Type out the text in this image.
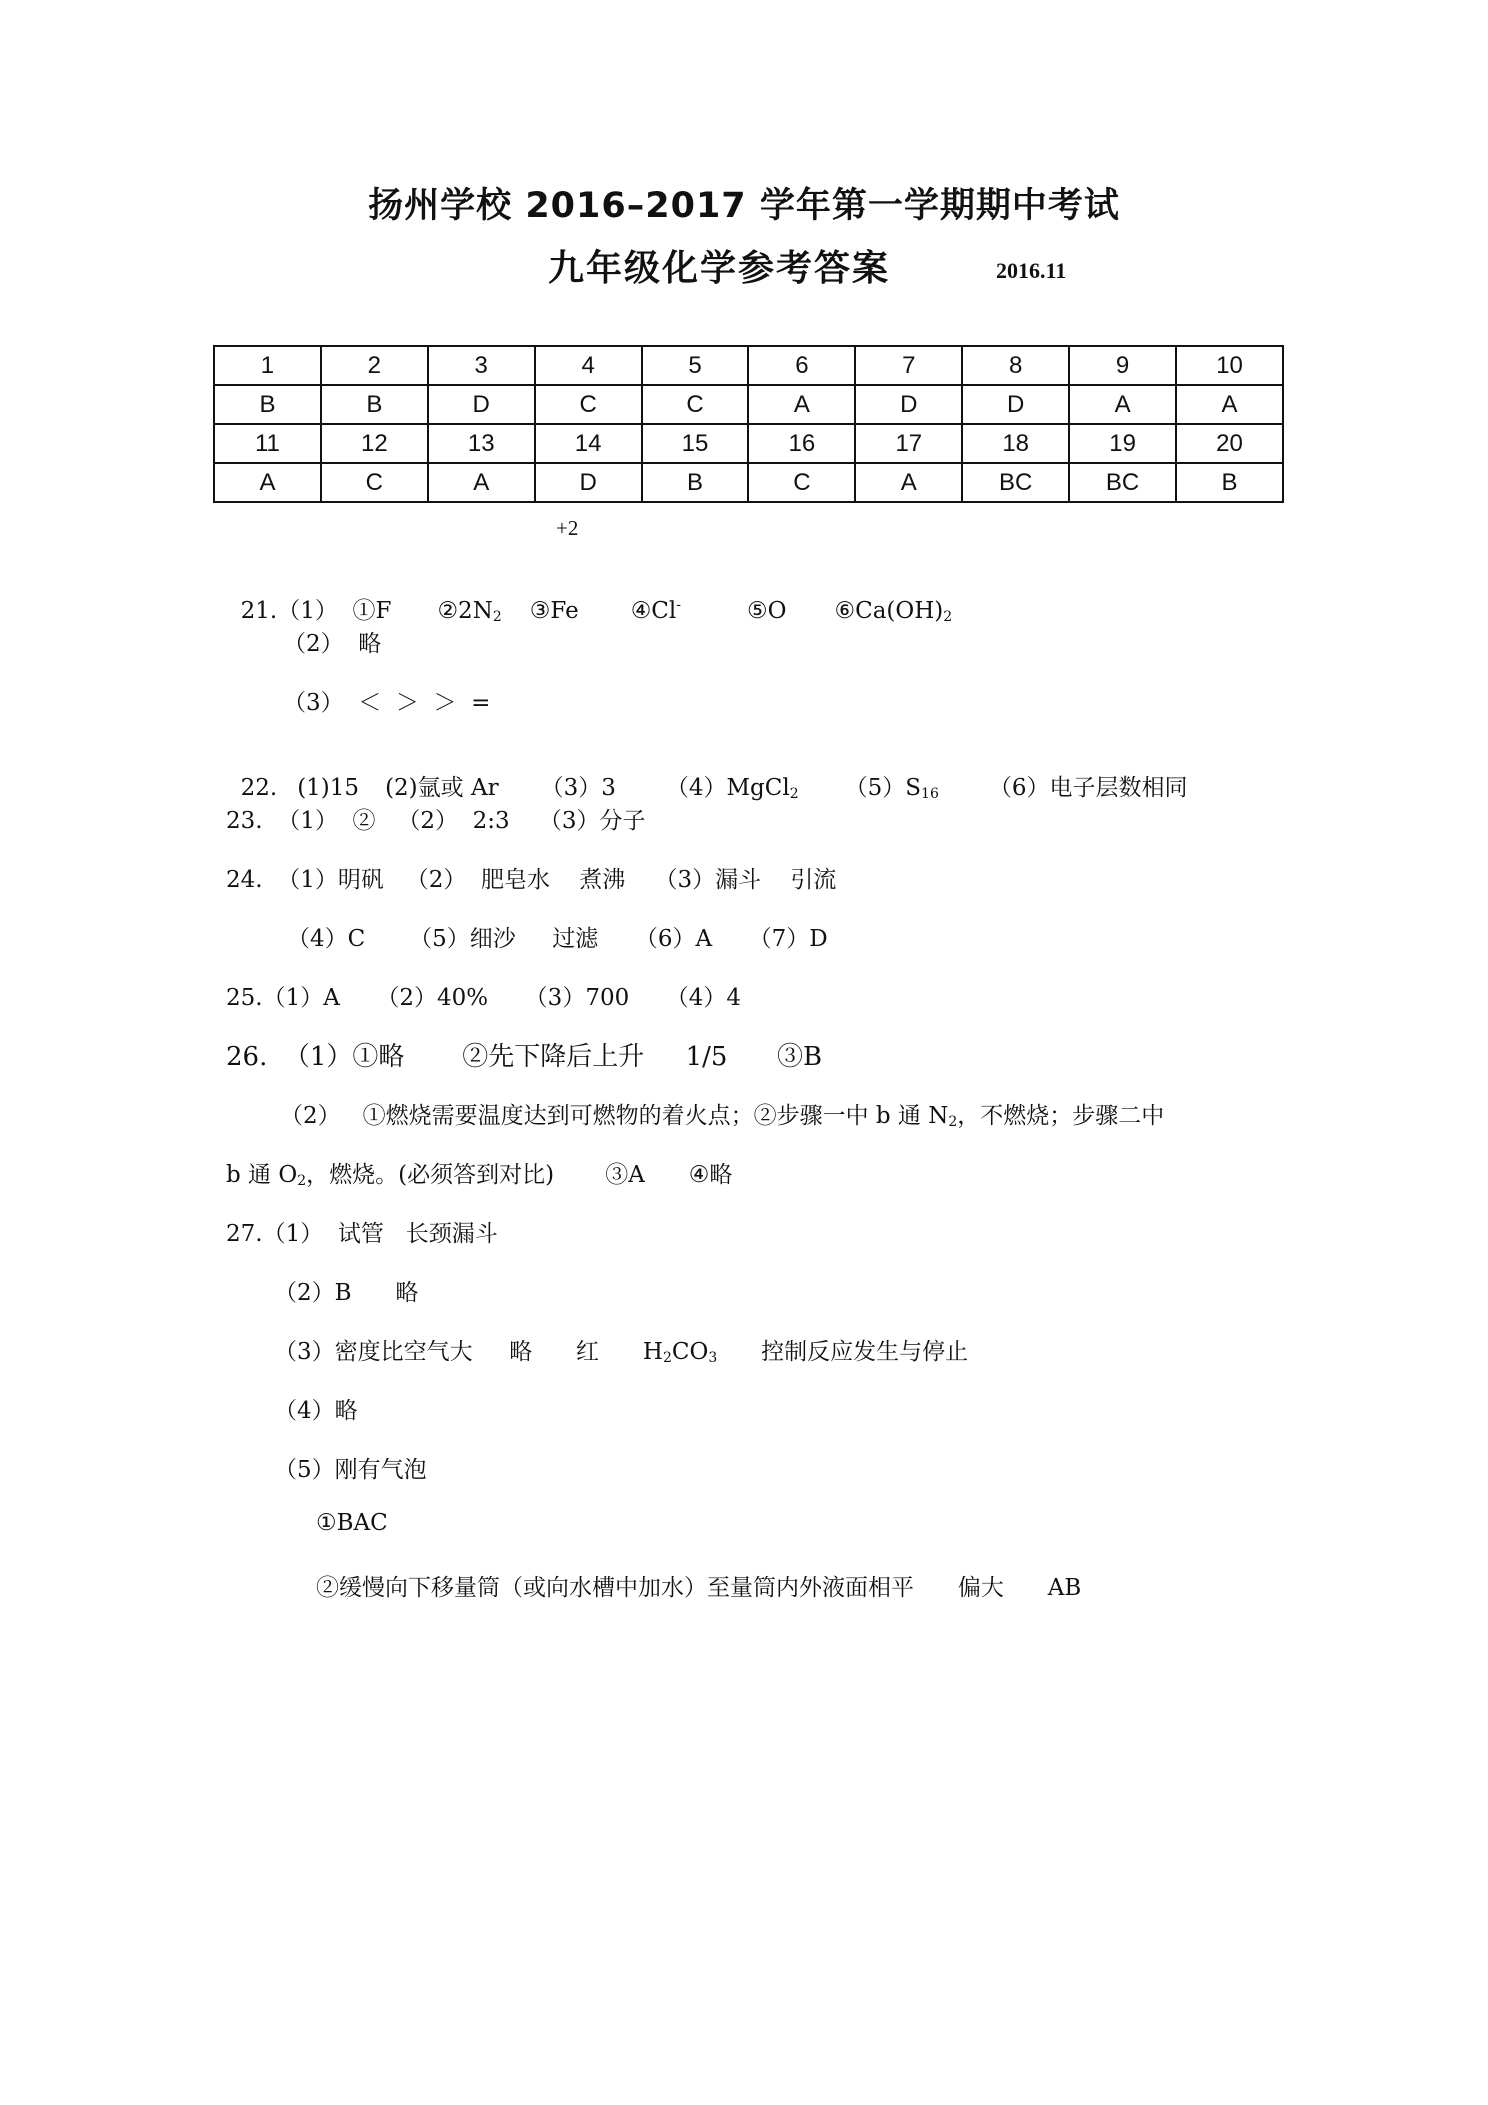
扬州学校 2016–2017 学年第一学期期中考试
九年级化学参考答案	2016.11
1	2	3	4	5	6	7	8	9	10
B	B	D	C	C	A	D	D	A	A
11	12	13	14	15	16	17	18	19	20
A	C	A	D	B	C	A	BC	BC	B
+2

21.（1） ①F $②2N_2$ ③Fe ④Cl-	⑤O $⑥Ca(OH)_2$

（2）  略
（3）  ＜  ＞  ＞  =

22. (1)15 (2)氩或 Ar （3）3 （4）MgCl$_2$ $(5)S_{16}$ （6）电子层数相同

23.  （1）  ②   （2）  2:3    （3）分子
24.  （1）明矾   （2）  肥皂水    煮沸    （3）漏斗    引流
（4）C      （5）细沙     过滤     （6）A     （7）D
25.（1）A     （2）40%     （3）700     （4）4
26.  （1）①略       ②先下降后上升     1/5      ③B
（2）   ①燃烧需要温度达到可燃物的着火点；②步骤一中 b 通 $N_2$，不燃烧；步骤二中
b 通 $O_2$，燃烧。(必须答到对比)       ③A      ④略
27.（1）  试管   长颈漏斗
（2）B      略
（3）密度比空气大     略      红      $H_2CO_3$      控制反应发生与停止
（4）略
（5）刚有气泡
①BAC
②缓慢向下移量筒（或向水槽中加水）至量筒内外液面相平      偏大      AB
